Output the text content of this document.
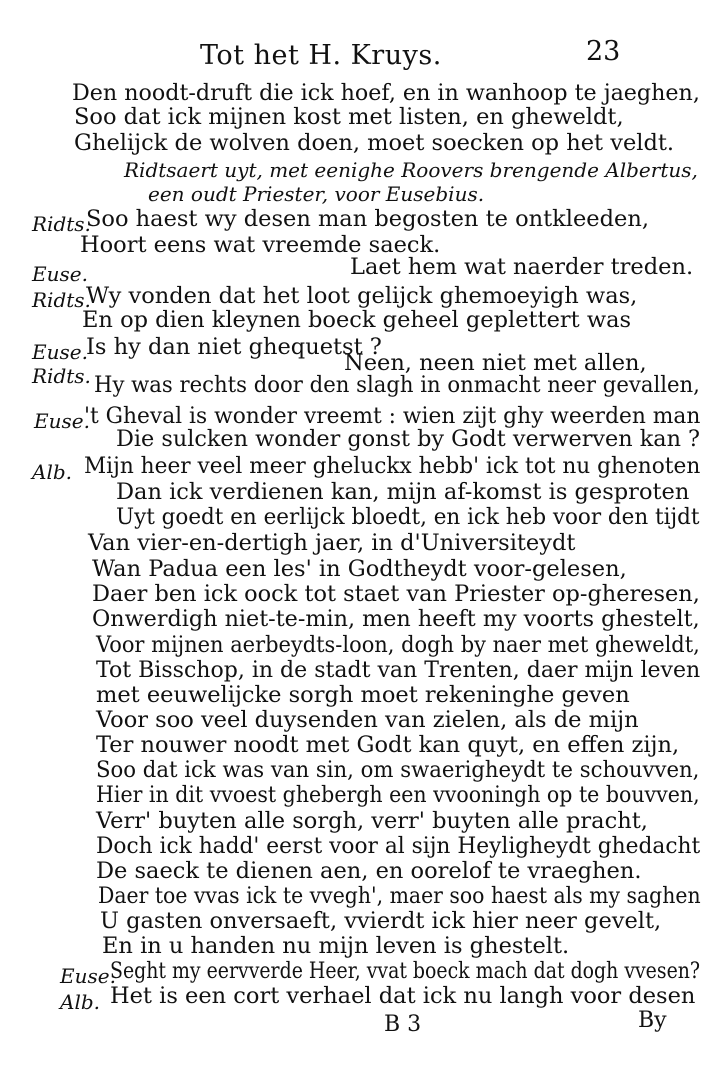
Tot het H. Kruys.	23
Den noodt-druft die ick hoef, en in wanhoop te jaeghen,
Soo dat ick mijnen kost met listen, en gheweldt,
Ghelijck de wolven doen, moet soecken op het veldt.
Ridtsaert uyt, met eenighe Roovers brengende Albertus,
een oudt Priester, voor Eusebius.
Ridts.
Soo haest wy desen man begosten te ontkleeden,
Hoort eens wat vreemde saeck.
Euse.	Laet hem wat naerder treden.
Ridts.
Wy vonden dat het loot gelijck ghemoeyigh was,
En op dien kleynen boeck geheel geplettert was
Euse.
Is hy dan niet ghequetst ?
Ridts.	Neen, neen niet met allen,
Hy was rechts door den slagh in onmacht neer gevallen,
Euse.
't Gheval is wonder vreemt : wien zijt ghy weerden man
Die sulcken wonder gonst by Godt verwerven kan ?
Alb. Mijn heer veel meer gheluckx hebb' ick tot nu ghenoten
Dan ick verdienen kan, mijn af-komst is gesproten
Uyt goedt en eerlijck bloedt, en ick heb voor den tijdt
Van vier-en-dertigh jaer, in d'Universiteydt
Wan Padua een les' in Godtheydt voor-gelesen,
Daer ben ick oock tot staet van Priester op-gheresen,
Onwerdigh niet-te-min, men heeft my voorts ghestelt,
Voor mijnen aerbeydts-loon, dogh by naer met gheweldt,
Tot Bisschop, in de stadt van Trenten, daer mijn leven
met eeuwelijcke sorgh moet rekeninghe geven
Voor soo veel duysenden van zielen, als de mijn
Ter nouwer noodt met Godt kan quyt, en effen zijn,
Soo dat ick was van sin, om swaerigheydt te schouvven,
Hier in dit vvoest ghebergh een vvooningh op te bouvven,
Verr' buyten alle sorgh, verr' buyten alle pracht,
Doch ick hadd' eerst voor al sijn Heyligheydt ghedacht
De saeck te dienen aen, en oorelof te vraeghen.
Daer toe vvas ick te vvegh', maer soo haest als my saghen
U gasten onversaeft, vvierdt ick hier neer gevelt,
En in u handen nu mijn leven is ghestelt.
Euse.
Seght my eervverde Heer, vvat boeck mach dat dogh vvesen?
Alb. Het is een cort verhael dat ick nu langh voor desen
B 3	By
